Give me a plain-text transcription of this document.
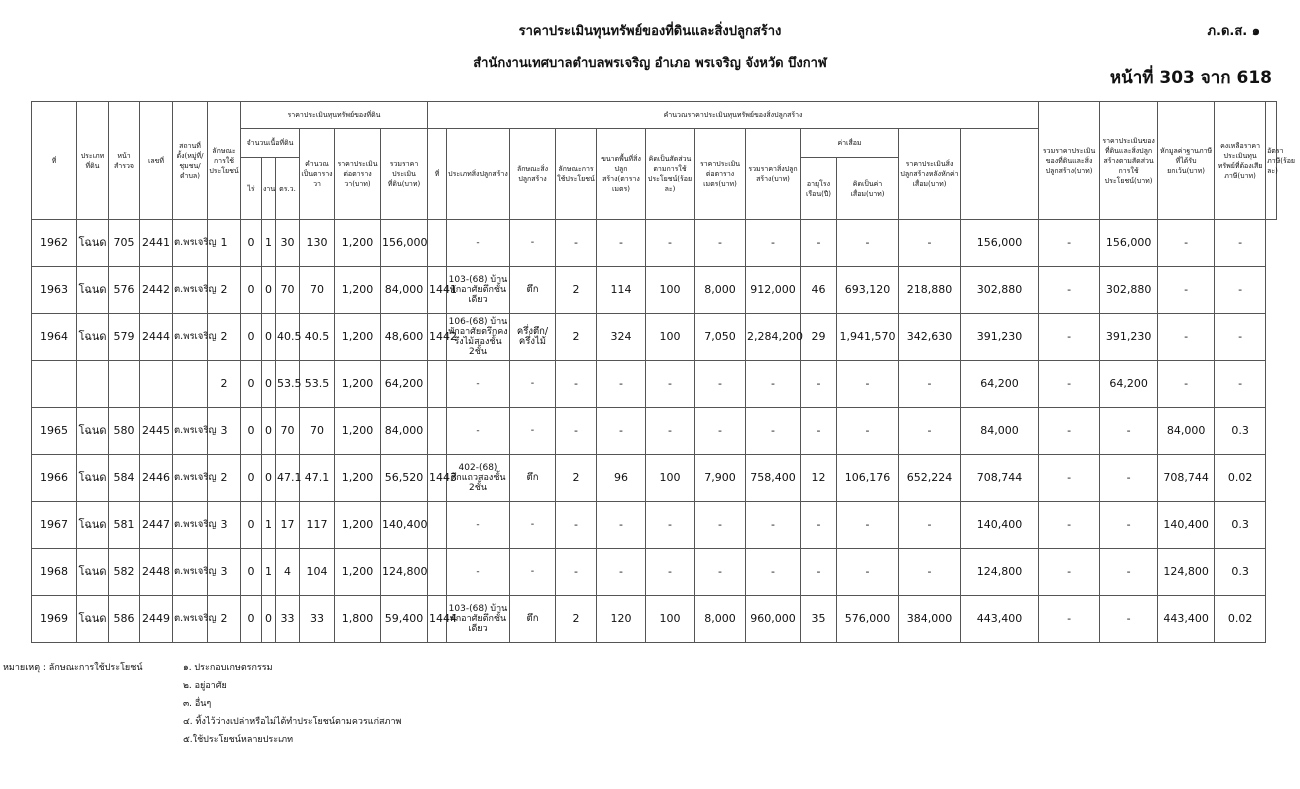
ราคาประเมินทุนทรัพย์ของที่ดินและสิ่งปลูกสร้าง
สำนักงานเทศบาลตำบลพรเจริญ อำเภอ พรเจริญ จังหวัด บึงกาฬ
ภ.ด.ส. ๑
หน้าที่ 303 จาก 618
ที่	ประเภทที่ดิน	หน้าสำรวจ	เลขที่	สถานที่ตั้ง(หมู่ที่/ชุมชน/ตำบล)	ลักษณะการใช้ประโยชน์	ราคาประเมินทุนทรัพย์ของที่ดิน						คำนวณราคาประเมินทุนทรัพย์ของสิ่งปลูกสร้าง												รวมราคาประเมินของที่ดินและสิ่งปลูกสร้าง(บาท)	ราคาประเมินของที่ดินและสิ่งปลูกสร้างตามสัดส่วนการใช้ประโยชน์(บาท)	หักมูลค่าฐานภาษีที่ได้รับยกเว้น(บาท)	คงเหลือราคาประเมินทุนทรัพย์ที่ต้องเสียภาษี(บาท)	อัตราภาษี(ร้อยละ)
						จำนวนเนื้อที่ดิน			คำนวณเป็นตารางวา	ราคาประเมินต่อตารางวา(บาท)	รวมราคาประเมินที่ดิน(บาท)	ที่	ประเภทสิ่งปลูกสร้าง	ลักษณะสิ่งปลูกสร้าง	ลักษณะการใช้ประโยชน์	ขนาดพื้นที่สิ่งปลูกสร้าง(ตารางเมตร)	คิดเป็นสัดส่วนตามการใช้ประโยชน์(ร้อยละ)	ราคาประเมินต่อตารางเมตร(บาท)	รวมราคาสิ่งปลูกสร้าง(บาท)	ค่าเสื่อม		ราคาประเมินสิ่งปลูกสร้างหลังหักค่าเสื่อม(บาท)						
						ไร่	งาน	ตร.ว.												อายุโรงเรือน(ปี)	คิดเป็นค่าเสื่อม(บาท)							
1962	โฉนด	705	2441	ต.พรเจริญ	1	0	1	30	130	1,200	156,000		-	-	-	-	-	-	-	-	-	-	156,000	-	156,000	-	-	
1963	โฉนด	576	2442	ต.พรเจริญ	2	0	0	70	70	1,200	84,000	1441	103-(68) บ้านพักอาศัยตึกชั้นเดียว	ตึก	2	114	100	8,000	912,000	46	693,120	218,880	302,880	-	302,880	-	-	
1964	โฉนด	579	2444	ต.พรเจริญ	2	0	0	40.5	40.5	1,200	48,600	1442	106-(68) บ้านพักอาศัยตรึกคงรึงไม้สองชั้น 2ชั้น	ครึ่งตึก/ครึ่งไม้	2	324	100	7,050	2,284,200	29	1,941,570	342,630	391,230	-	391,230	-	-	
					2	0	0	53.5	53.5	1,200	64,200		-	-	-	-	-	-	-	-	-	-	64,200	-	64,200	-	-	
1965	โฉนด	580	2445	ต.พรเจริญ	3	0	0	70	70	1,200	84,000		-	-	-	-	-	-	-	-	-	-	84,000	-	-	84,000	0.3	
1966	โฉนด	584	2446	ต.พรเจริญ	2	0	0	47.1	47.1	1,200	56,520	1443	402-(68) ตึกแถวสองชั้น 2ชั้น	ตึก	2	96	100	7,900	758,400	12	106,176	652,224	708,744	-	-	708,744	0.02	
1967	โฉนด	581	2447	ต.พรเจริญ	3	0	1	17	117	1,200	140,400		-	-	-	-	-	-	-	-	-	-	140,400	-	-	140,400	0.3	
1968	โฉนด	582	2448	ต.พรเจริญ	3	0	1	4	104	1,200	124,800		-	-	-	-	-	-	-	-	-	-	124,800	-	-	124,800	0.3	
1969	โฉนด	586	2449	ต.พรเจริญ	2	0	0	33	33	1,800	59,400	1444	103-(68) บ้านพักอาศัยตึกชั้นเดียว	ตึก	2	120	100	8,000	960,000	35	576,000	384,000	443,400	-	-	443,400	0.02	
หมายเหตุ : ลักษณะการใช้ประโยชน์	๑. ประกอบเกษตรกรรม
๒. อยู่อาศัย
๓. อื่นๆ
๔. ทิ้งไว้ว่างเปล่าหรือไม่ได้ทำประโยชน์ตามควรแก่สภาพ
๕.ใช้ประโยชน์หลายประเภท
